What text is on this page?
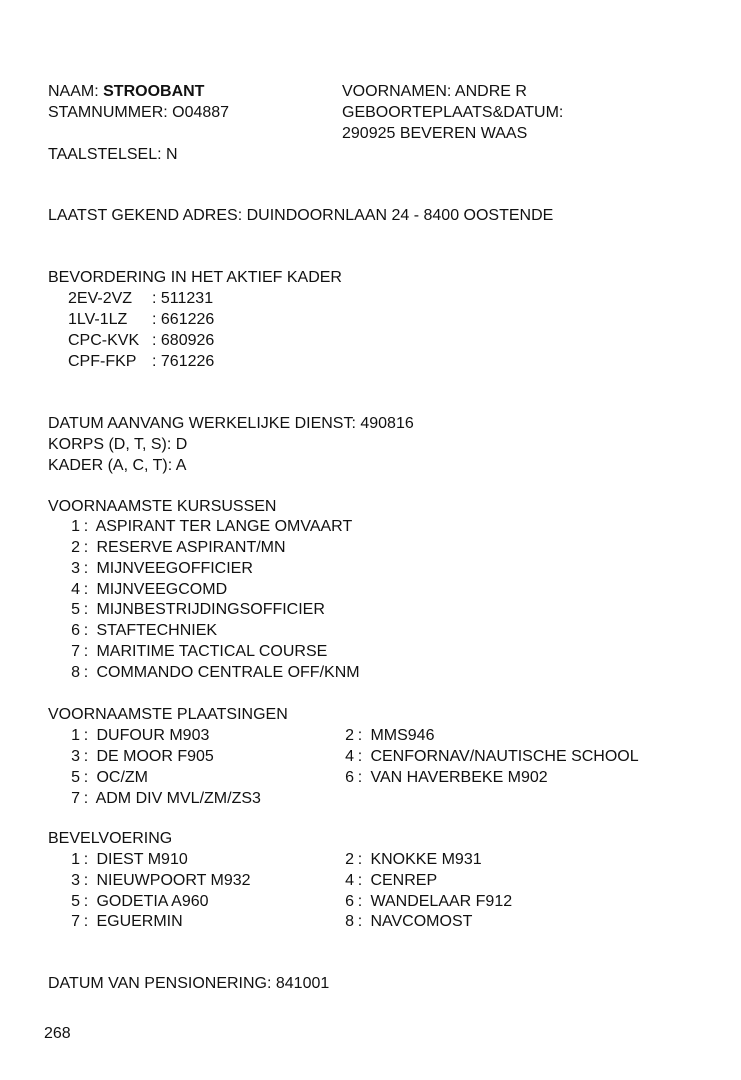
NAAM: STROOBANT	VOORNAMEN: ANDRE R
STAMNUMMER: O04887	GEBOORTEPLAATS&DATUM:
290925 BEVEREN WAAS
TAALSTELSEL: N
LAATST GEKEND ADRES: DUINDOORNLAAN 24 - 8400 OOSTENDE
BEVORDERING IN HET AKTIEF KADER
2EV-2VZ : 511231
1LV-1LZ : 661226
CPC-KVK : 680926
CPF-FKP : 761226
DATUM AANVANG WERKELIJKE DIENST: 490816
KORPS (D, T, S): D
KADER (A, C, T): A
VOORNAAMSTE KURSUSSEN
1 : ASPIRANT TER LANGE OMVAART
2 : RESERVE ASPIRANT/MN
3 : MIJNVEEGOFFICIER
4 : MIJNVEEGCOMD
5 : MIJNBESTRIJDINGSOFFICIER
6 : STAFTECHNIEK
7 : MARITIME TACTICAL COURSE
8 : COMMANDO CENTRALE OFF/KNM
VOORNAAMSTE PLAATSINGEN
1 : DUFOUR M903	2 : MMS946
3 : DE MOOR F905	4 : CENFORNAV/NAUTISCHE SCHOOL
5 : OC/ZM	6 : VAN HAVERBEKE M902
7 : ADM DIV MVL/ZM/ZS3
BEVELVOERING
1 : DIEST M910	2 : KNOKKE M931
3 : NIEUWPOORT M932	4 : CENREP
5 : GODETIA A960	6 : WANDELAAR F912
7 : EGUERMIN	8 : NAVCOMOST
DATUM VAN PENSIONERING: 841001
268
